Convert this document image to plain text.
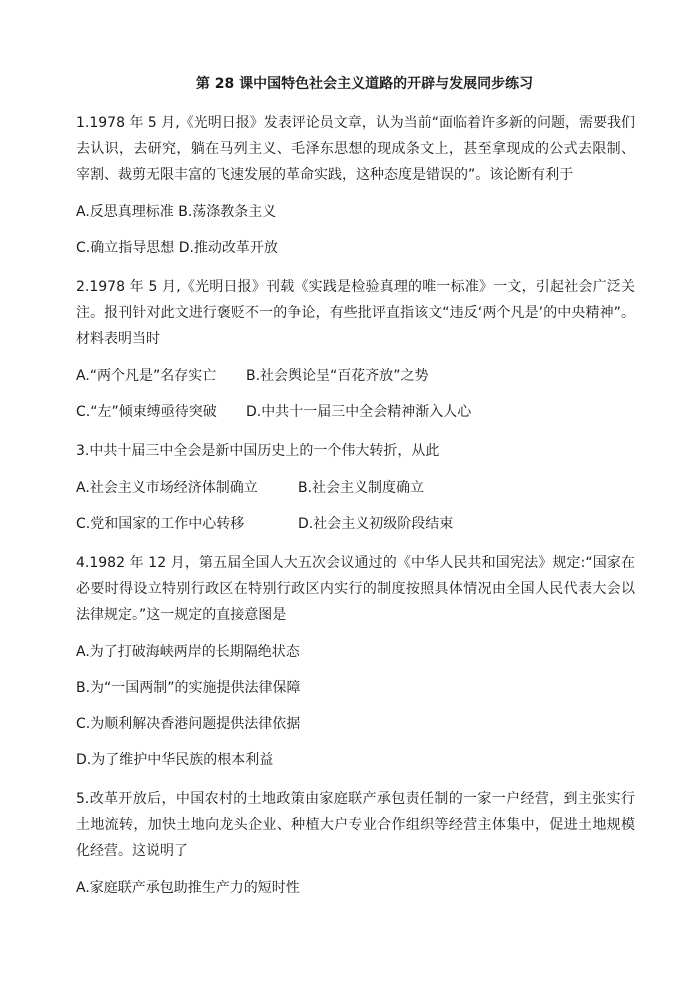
第 28 课中国特色社会主义道路的开辟与发展同步练习

1.1978 年 5 月,《光明日报》发表评论员文章，认为当前“面临着许多新的问题，需要我们去认识，去研究，躺在马列主义、毛泽东思想的现成条文上，甚至拿现成的公式去限制、宰割、裁剪无限丰富的飞速发展的革命实践，这种态度是错误的”。该论断有利于

A.反思真理标准
B.荡涤教条主义

C.确立指导思想
D.推动改革开放

2.1978 年 5 月,《光明日报》刊载《实践是检验真理的唯一标准》一文，引起社会广泛关注。报刊针对此文进行褒贬不一的争论，有些批评直指该文“违反‘两个凡是’的中央精神”。材料表明当时

A.“两个凡是”名存实亡	B.社会舆论呈“百花齐放”之势

C.“左”倾束缚亟待突破	D.中共十一届三中全会精神渐入人心

3.中共十届三中全会是新中国历史上的一个伟大转折，从此

A.社会主义市场经济体制确立	B.社会主义制度确立

C.党和国家的工作中心转移	D.社会主义初级阶段结束

4.1982 年 12 月，第五届全国人大五次会议通过的《中华人民共和国宪法》规定:“国家在必要时得设立特别行政区在特别行政区内实行的制度按照具体情况由全国人民代表大会以法律规定。”这一规定的直接意图是

A.为了打破海峡两岸的长期隔绝状态

B.为“一国两制”的实施提供法律保障

C.为顺利解决香港问题提供法律依据

D.为了维护中华民族的根本利益

5.改革开放后，中国农村的土地政策由家庭联产承包责任制的一家一户经营，到主张实行土地流转，加快土地向龙头企业、种植大户专业合作组织等经营主体集中，促进土地规模化经营。这说明了

A.家庭联产承包助推生产力的短时性
